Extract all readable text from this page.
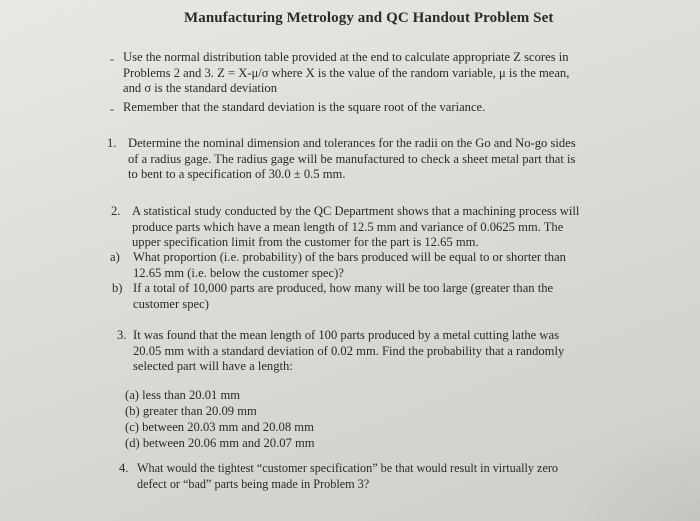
Manufacturing Metrology and QC Handout Problem Set
- Use the normal distribution table provided at the end to calculate appropriate Z scores in

Problems 2 and 3. Z = X-μ/σ where X is the value of the random variable, μ is the mean,

and σ is the standard deviation

- Remember that the standard deviation is the square root of the variance.

1. Determine the nominal dimension and tolerances for the radii on the Go and No-go sides

of a radius gage. The radius gage will be manufactured to check a sheet metal part that is

to bent to a specification of 30.0 ± 0.5 mm.

2. A statistical study conducted by the QC Department shows that a machining process will

produce parts which have a mean length of 12.5 mm and variance of 0.0625 mm. The

upper specification limit from the customer for the part is 12.65 mm.

a) What proportion (i.e. probability) of the bars produced will be equal to or shorter than

12.65 mm (i.e. below the customer spec)?

b) If a total of 10,000 parts are produced, how many will be too large (greater than the

customer spec)

3. It was found that the mean length of 100 parts produced by a metal cutting lathe was

20.05 mm with a standard deviation of 0.02 mm. Find the probability that a randomly

selected part will have a length:

(a) less than 20.01 mm

(b) greater than 20.09 mm

(c) between 20.03 mm and 20.08 mm

(d) between 20.06 mm and 20.07 mm

4. What would the tightest “customer specification” be that would result in virtually zero

defect or “bad” parts being made in Problem 3?
